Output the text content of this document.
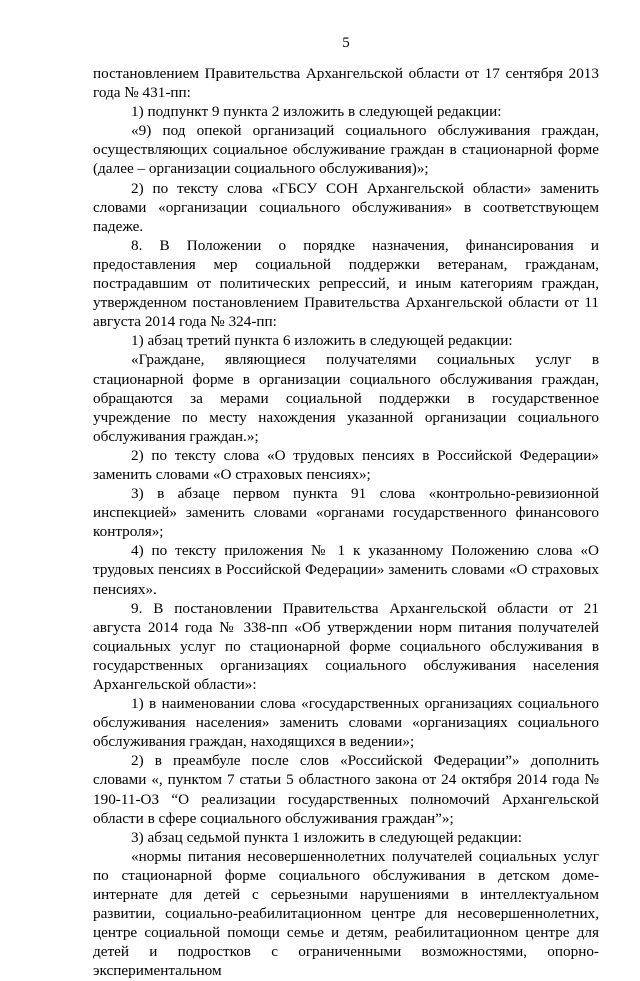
5

постановлением Правительства Архангельской области от 17 сентября 2013 года № 431-пп:

1) подпункт 9 пункта 2 изложить в следующей редакции:

«9) под опекой организаций социального обслуживания граждан, осуществляющих социальное обслуживание граждан в стационарной форме (далее – организации социального обслуживания)»;

2) по тексту слова «ГБСУ СОН Архангельской области» заменить словами «организации социального обслуживания» в соответствующем падеже.

8. В Положении о порядке назначения, финансирования и предоставления мер социальной поддержки ветеранам, гражданам, пострадавшим от политических репрессий, и иным категориям граждан, утвержденном постановлением Правительства Архангельской области от 11 августа 2014 года № 324-пп:

1) абзац третий пункта 6 изложить в следующей редакции:

«Граждане, являющиеся получателями социальных услуг в стационарной форме в организации социального обслуживания граждан, обращаются за мерами социальной поддержки в государственное учреждение по месту нахождения указанной организации социального обслуживания граждан.»;

2) по тексту слова «О трудовых пенсиях в Российской Федерации» заменить словами «О страховых пенсиях»;

3) в абзаце первом пункта 91 слова «контрольно-ревизионной инспекцией» заменить словами «органами государственного финансового контроля»;

4) по тексту приложения № 1 к указанному Положению слова «О трудовых пенсиях в Российской Федерации» заменить словами «О страховых пенсиях».

9. В постановлении Правительства Архангельской области от 21 августа 2014 года № 338-пп «Об утверждении норм питания получателей социальных услуг по стационарной форме социального обслуживания в государственных организациях социального обслуживания населения Архангельской области»:

1) в наименовании слова «государственных организациях социального обслуживания населения» заменить словами «организациях социального обслуживания граждан, находящихся в ведении»;

2) в преамбуле после слов «Российской Федерации”» дополнить словами «, пунктом 7 статьи 5 областного закона от 24 октября 2014 года № 190-11-ОЗ “О реализации государственных полномочий Архангельской области в сфере социального обслуживания граждан”»;

3) абзац седьмой пункта 1 изложить в следующей редакции:

«нормы питания несовершеннолетних получателей социальных услуг по стационарной форме социального обслуживания в детском доме-интернате для детей с серьезными нарушениями в интеллектуальном развитии, социально-реабилитационном центре для несовершеннолетних, центре социальной помощи семье и детям, реабилитационном центре для детей и подростков с ограниченными возможностями, опорно-экспериментальном
